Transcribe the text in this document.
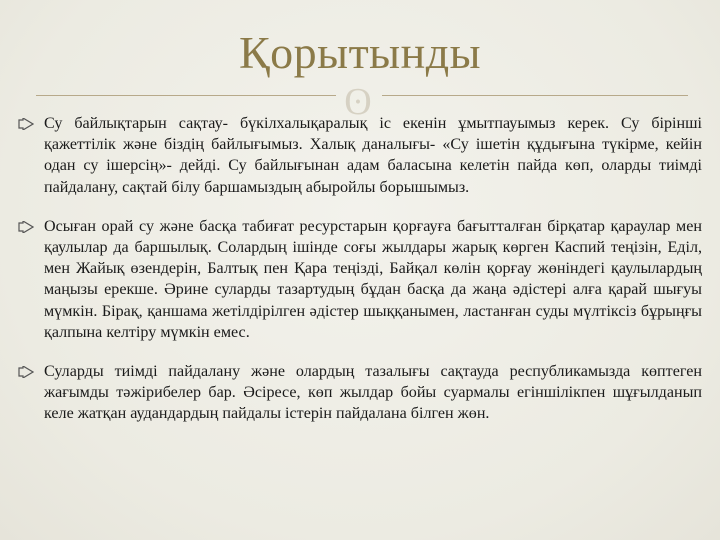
Қорытынды
ʘ
Су байлықтарын сақтау- бүкілхалықаралық іс екенін ұмытпауымыз керек. Су бірінші қажеттілік және біздің байлығымыз. Халық даналығы- «Су ішетін құдығына түкірме, кейін одан су ішерсің»- дейді. Су байлығынан адам баласына келетін пайда көп, оларды тиімді пайдалану, сақтай білу баршамыздың абыройлы борышымыз.
Осыған орай су және басқа табиғат ресурстарын қорғауға бағытталған бірқатар қараулар мен қаулылар да баршылық. Солардың ішінде соғы жылдары жарық көрген Каспий теңізін, Еділ, мен Жайық өзендерін, Балтық пен Қара теңізді, Байқал көлін қорғау жөніндегі қаулылардың маңызы ерекше. Әрине суларды тазартудың бұдан басқа да жаңа әдістері алға қарай шығуы мүмкін. Бірақ, қаншама жетілдірілген әдістер шыққанымен, ластанған суды мүлтіксіз бұрыңғы қалпына келтіру мүмкін емес.
Суларды тиімді пайдалану және олардың тазалығы сақтауда республикамызда көптеген жағымды тәжірибелер бар. Әсіресе, көп жылдар бойы суармалы егіншілікпен шұғылданып келе жатқан аудандардың пайдалы істерін пайдалана білген жөн.
